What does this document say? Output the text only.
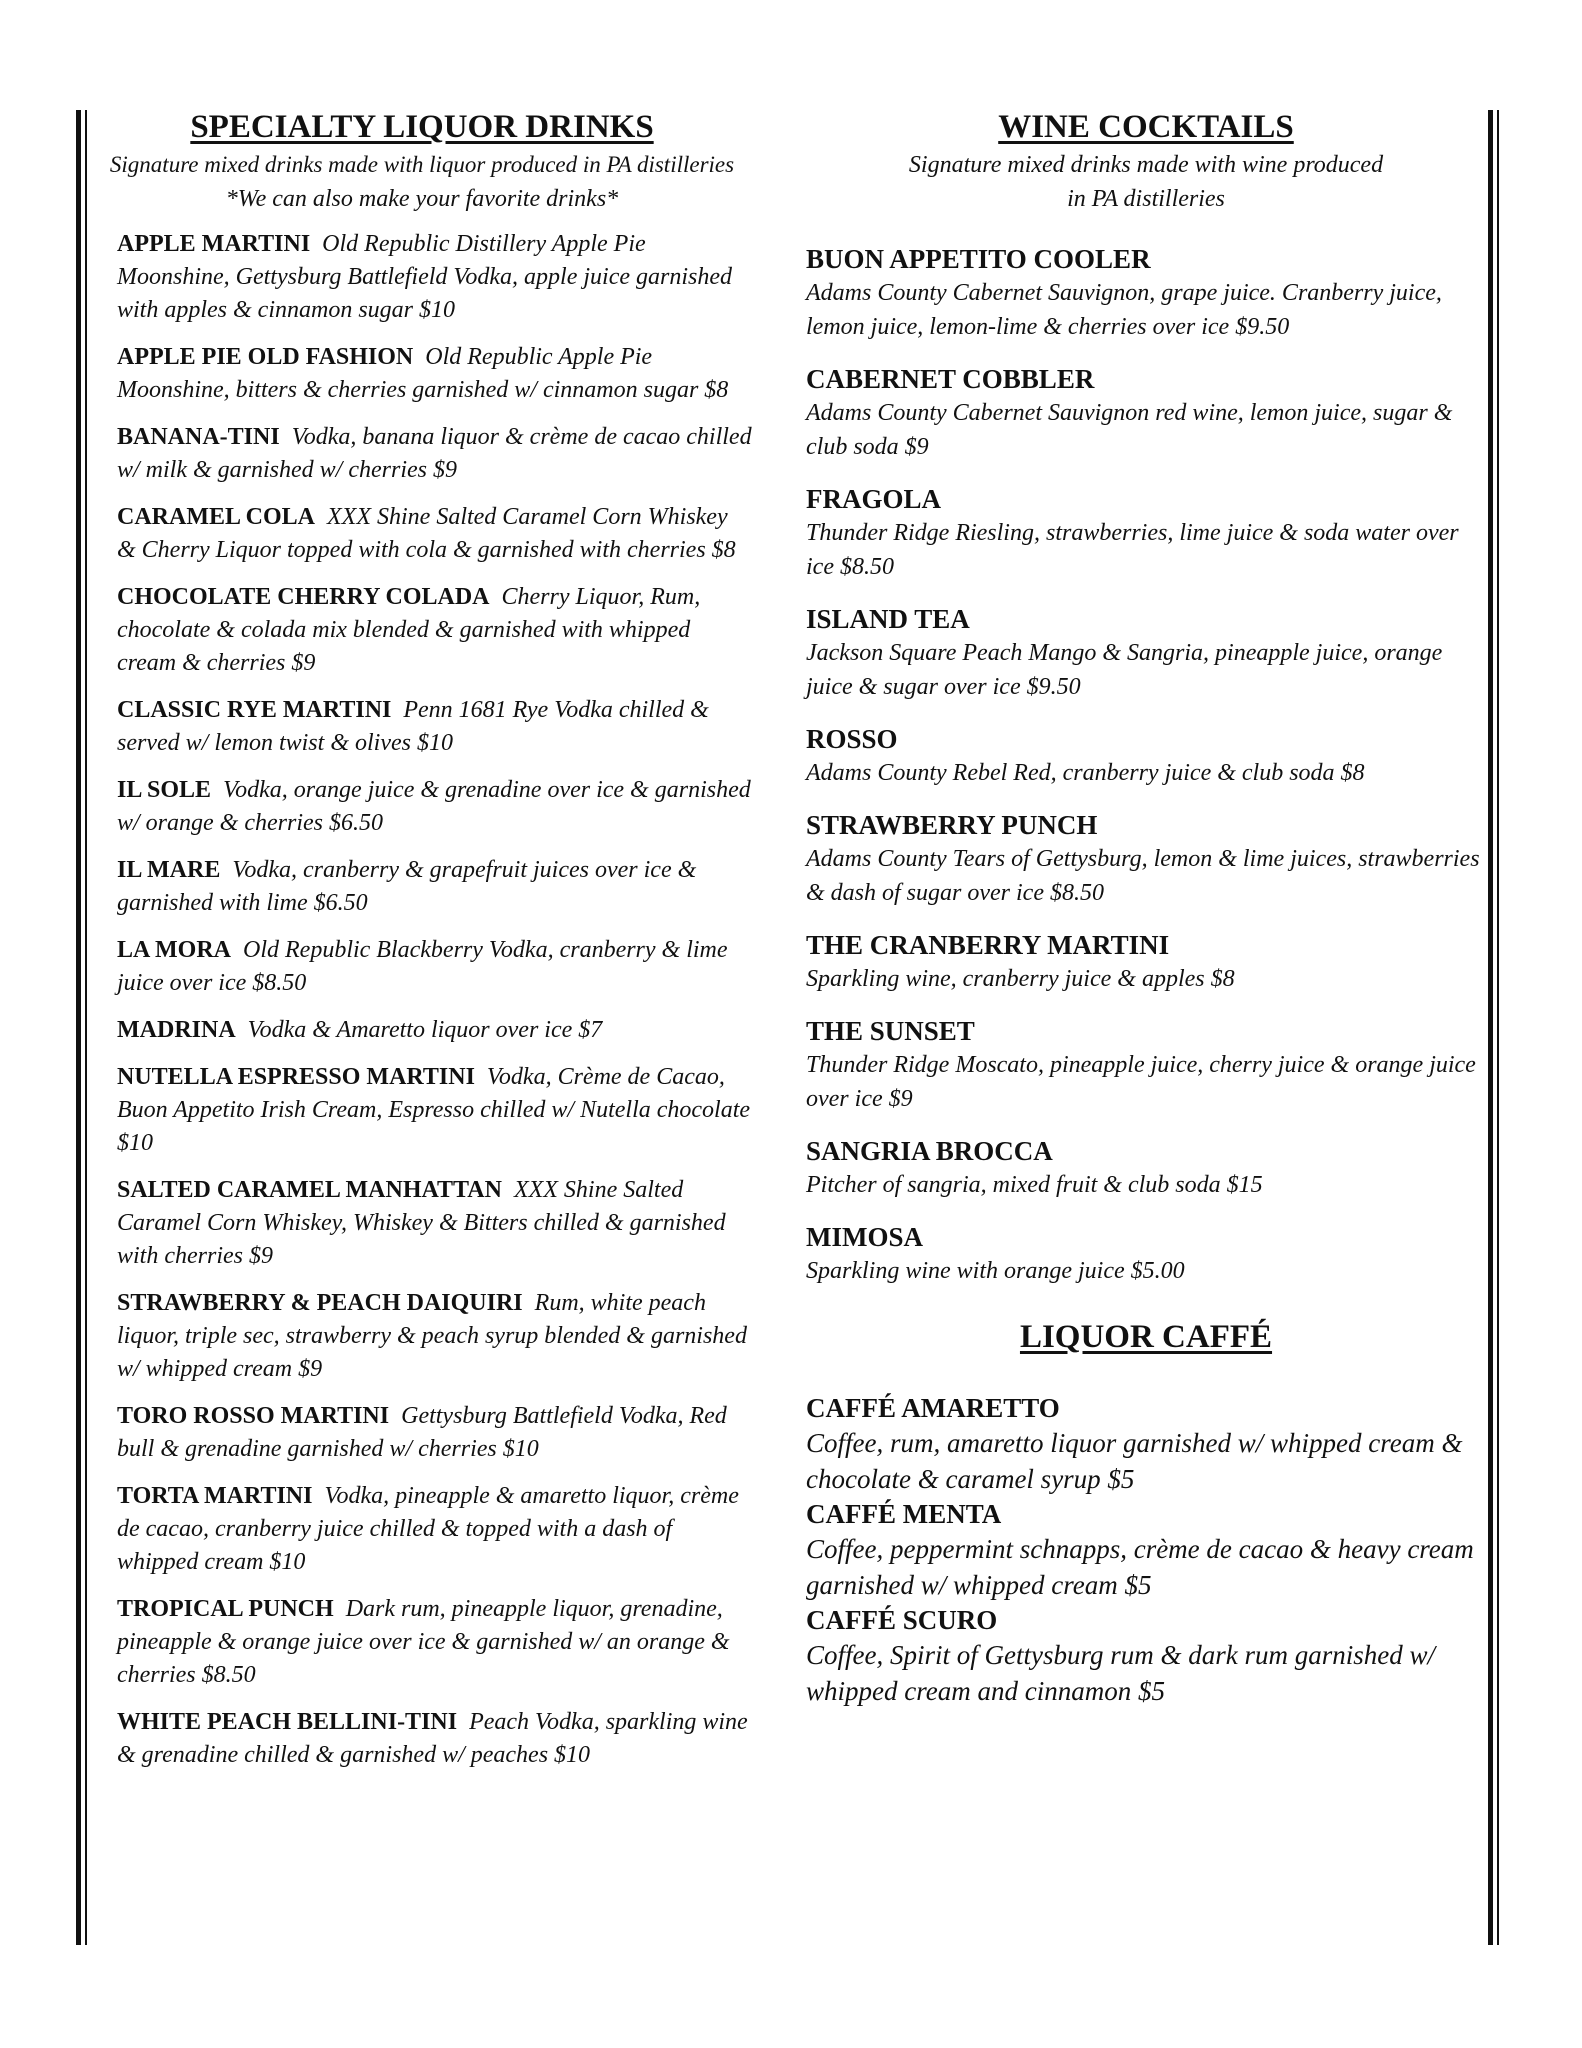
SPECIALTY LIQUOR DRINKS

Signature mixed drinks made with liquor produced in PA distilleries

*We can also make your favorite drinks*

APPLE MARTINI Old Republic Distillery Apple Pie Moonshine, Gettysburg Battlefield Vodka, apple juice garnished with apples & cinnamon sugar $10
APPLE PIE OLD FASHION Old Republic Apple Pie Moonshine, bitters & cherries garnished w/ cinnamon sugar $8
BANANA-TINI Vodka, banana liquor & crème de cacao chilled w/ milk & garnished w/ cherries $9
CARAMEL COLA XXX Shine Salted Caramel Corn Whiskey & Cherry Liquor topped with cola & garnished with cherries $8
CHOCOLATE CHERRY COLADA Cherry Liquor, Rum, chocolate & colada mix blended & garnished with whipped cream & cherries $9
CLASSIC RYE MARTINI Penn 1681 Rye Vodka chilled & served w/ lemon twist & olives $10
IL SOLE Vodka, orange juice & grenadine over ice & garnished w/ orange & cherries $6.50
IL MARE Vodka, cranberry & grapefruit juices over ice & garnished with lime $6.50
LA MORA Old Republic Blackberry Vodka, cranberry & lime juice over ice $8.50
MADRINA Vodka & Amaretto liquor over ice $7
NUTELLA ESPRESSO MARTINI Vodka, Crème de Cacao, Buon Appetito Irish Cream, Espresso chilled w/ Nutella chocolate $10
SALTED CARAMEL MANHATTAN XXX Shine Salted Caramel Corn Whiskey, Whiskey & Bitters chilled & garnished with cherries $9
STRAWBERRY & PEACH DAIQUIRI Rum, white peach liquor, triple sec, strawberry & peach syrup blended & garnished w/ whipped cream $9
TORO ROSSO MARTINI Gettysburg Battlefield Vodka, Red bull & grenadine garnished w/ cherries $10
TORTA MARTINI Vodka, pineapple & amaretto liquor, crème de cacao, cranberry juice chilled & topped with a dash of whipped cream $10
TROPICAL PUNCH Dark rum, pineapple liquor, grenadine, pineapple & orange juice over ice & garnished w/ an orange & cherries $8.50
WHITE PEACH BELLINI-TINI Peach Vodka, sparkling wine & grenadine chilled & garnished w/ peaches $10
WINE COCKTAILS

Signature mixed drinks made with wine produced

in PA distilleries

BUON APPETITO COOLER
Adams County Cabernet Sauvignon, grape juice. Cranberry juice, lemon juice, lemon-lime & cherries over ice $9.50
CABERNET COBBLER
Adams County Cabernet Sauvignon red wine, lemon juice, sugar & club soda $9
FRAGOLA
Thunder Ridge Riesling, strawberries, lime juice & soda water over ice $8.50
ISLAND TEA
Jackson Square Peach Mango & Sangria, pineapple juice, orange juice & sugar over ice $9.50
ROSSO
Adams County Rebel Red, cranberry juice & club soda $8
STRAWBERRY PUNCH
Adams County Tears of Gettysburg, lemon & lime juices, strawberries & dash of sugar over ice $8.50
THE CRANBERRY MARTINI
Sparkling wine, cranberry juice & apples $8
THE SUNSET
Thunder Ridge Moscato, pineapple juice, cherry juice & orange juice over ice $9
SANGRIA BROCCA
Pitcher of sangria, mixed fruit & club soda $15
MIMOSA
Sparkling wine with orange juice $5.00
LIQUOR CAFFÉ
CAFFÉ AMARETTO
Coffee, rum, amaretto liquor garnished w/ whipped cream & chocolate & caramel syrup $5
CAFFÉ MENTA
Coffee, peppermint schnapps, crème de cacao & heavy cream garnished w/ whipped cream $5
CAFFÉ SCURO
Coffee, Spirit of Gettysburg rum & dark rum garnished w/ whipped cream and cinnamon $5
